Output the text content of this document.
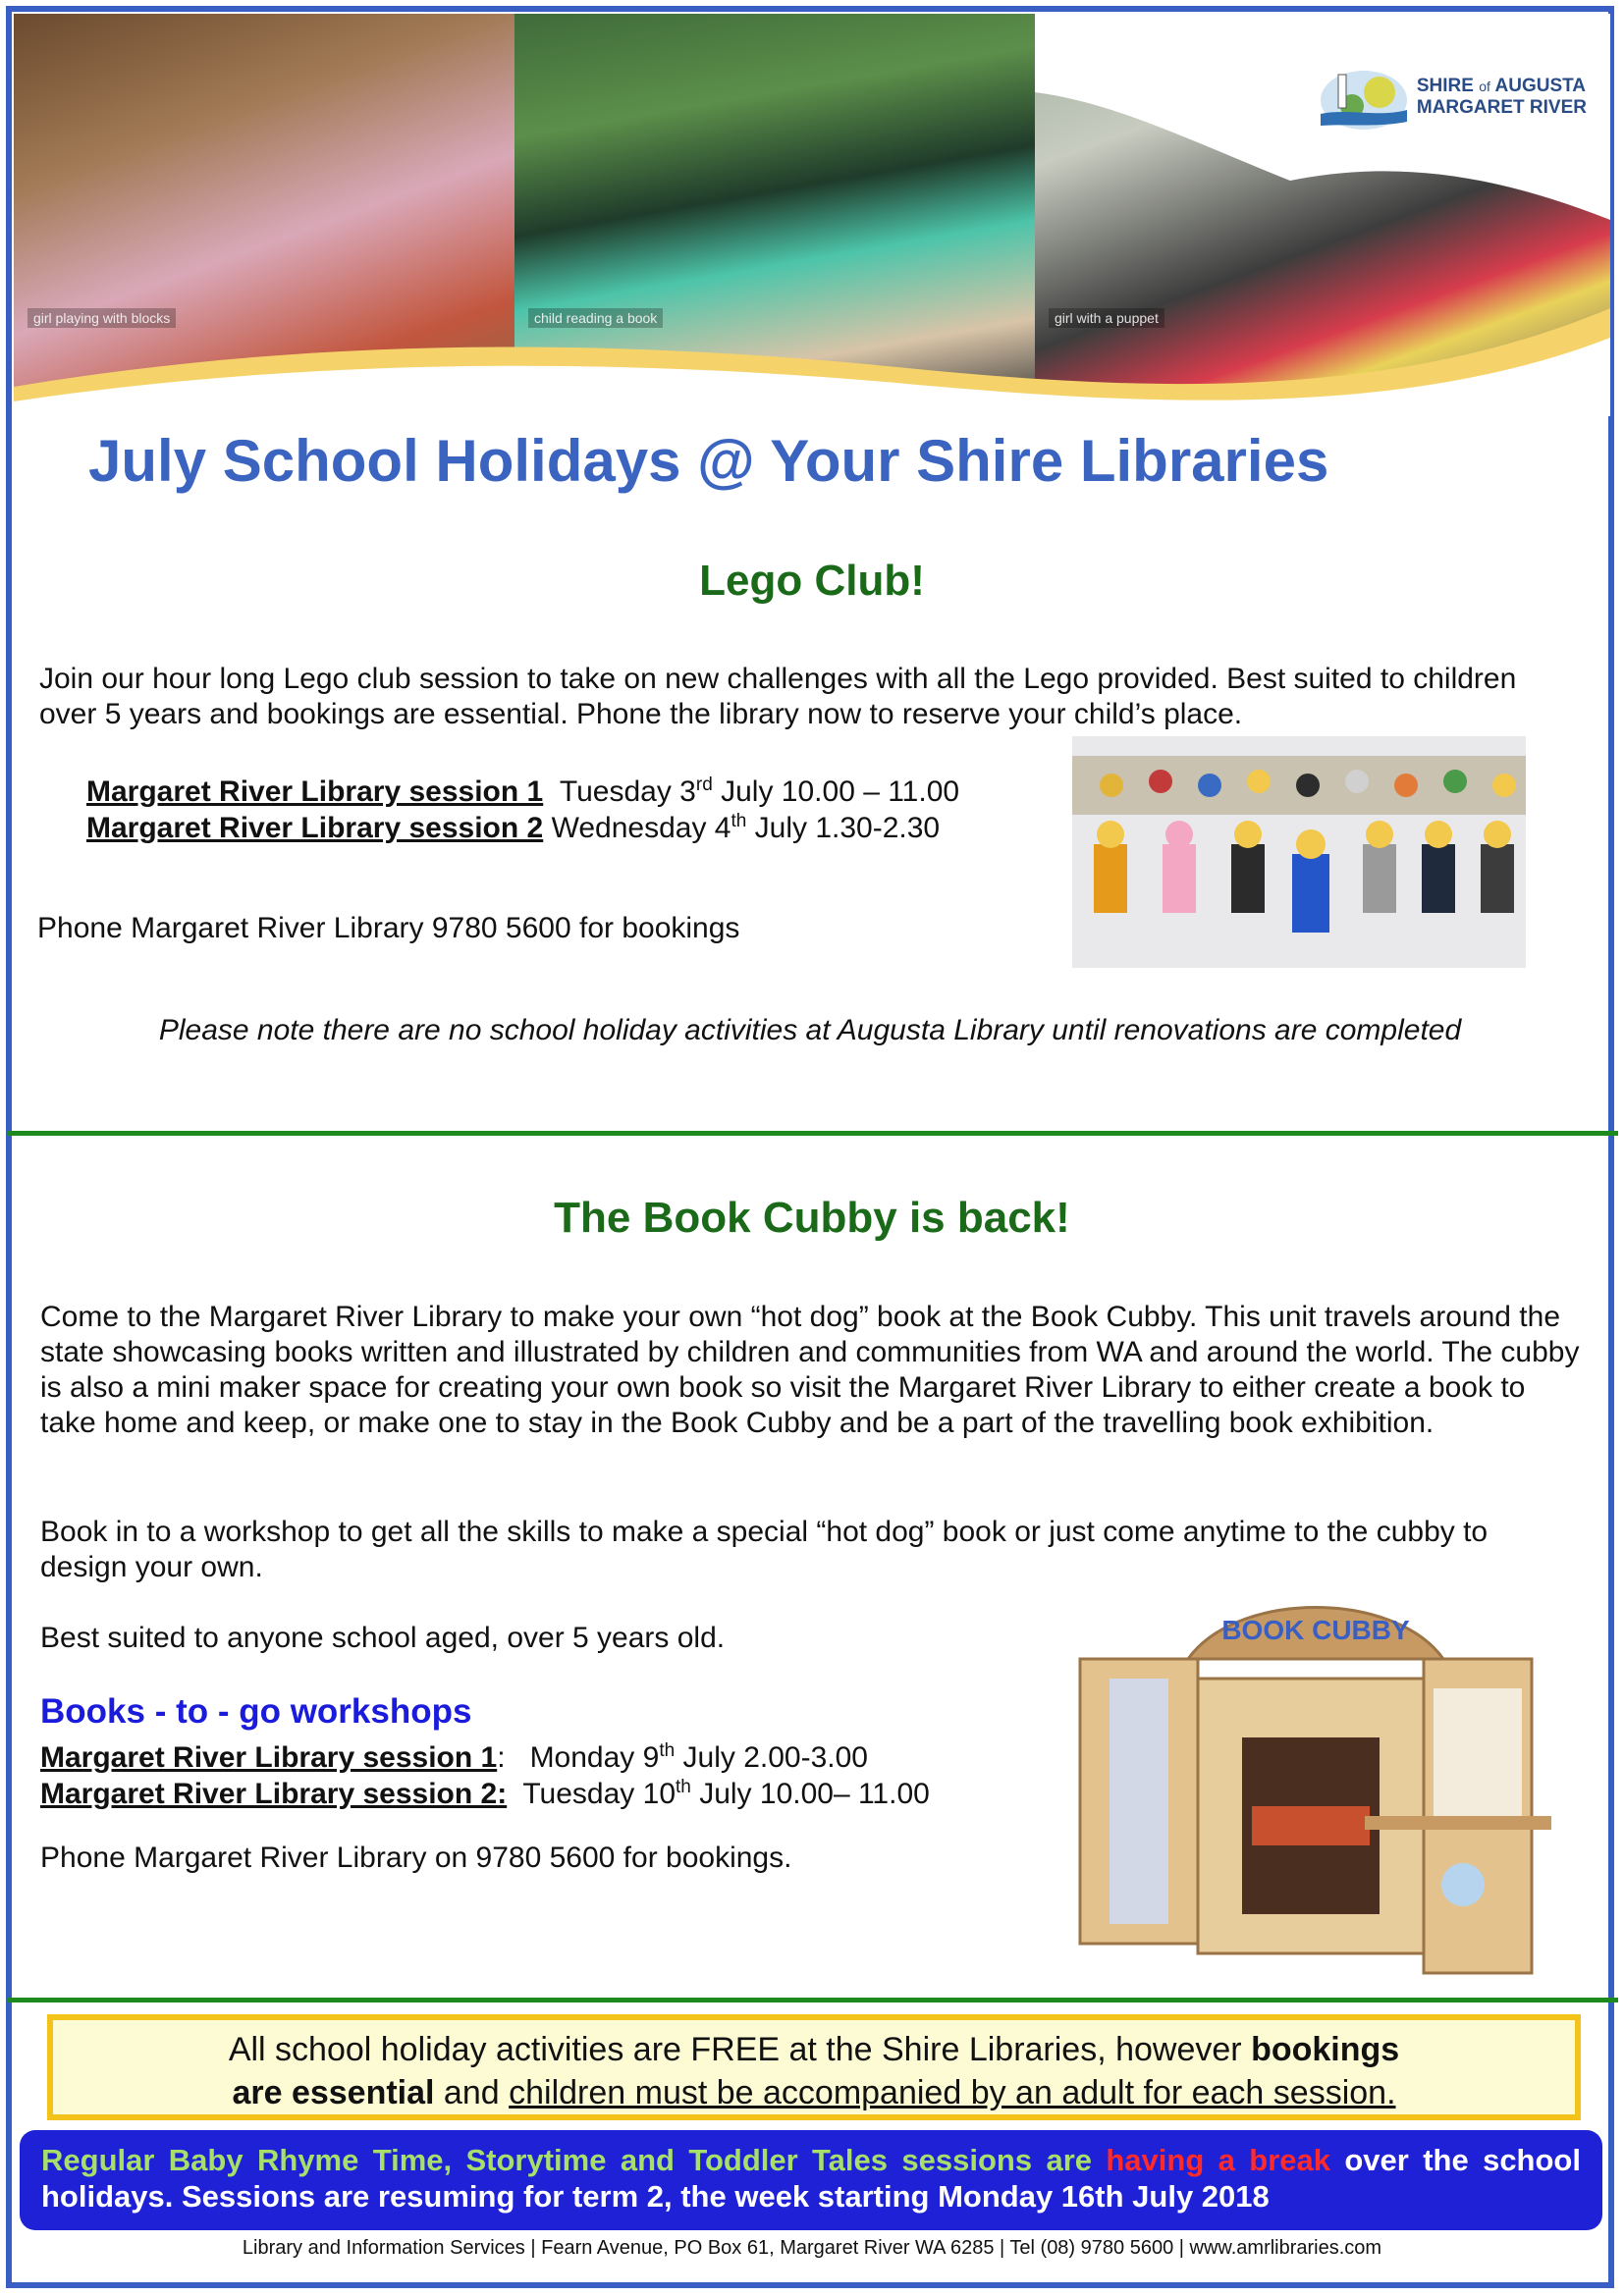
girl playing with blocks	child reading a book	girl with a puppet
SHIRE of AUGUSTA
MARGARET RIVER
July School Holidays @ Your Shire Libraries
Lego Club!

Join our hour long Lego club session to take on new challenges with all the Lego provided. Best suited to children over 5 years and bookings are essential. Phone the library now to reserve your child’s place.

Margaret River Library session 1 Tuesday 3rd July 10.00 – 11.00
Margaret River Library session 2 Wednesday 4th July 1.30-2.30

Phone Margaret River Library 9780 5600 for bookings

Please note there are no school holiday activities at Augusta Library until renovations are completed
The Book Cubby is back!

Come to the Margaret River Library to make your own “hot dog” book at the Book Cubby. This unit travels around the state showcasing books written and illustrated by children and communities from WA and around the world. The cubby is also a mini maker space for creating your own book so visit the Margaret River Library to either create a book to take home and keep, or make one to stay in the Book Cubby and be a part of the travelling book exhibition.

Book in to a workshop to get all the skills to make a special “hot dog” book or just come anytime to the cubby to design your own.

Best suited to anyone school aged, over 5 years old.

Books - to - go workshops
Margaret River Library session 1:   Monday 9th July 2.00-3.00
Margaret River Library session 2: Tuesday 10th July 10.00– 11.00

Phone Margaret River Library on 9780 5600 for bookings.

BOOK CUBBY
All school holiday activities are FREE at the Shire Libraries, however bookings
are essential and children must be accompanied by an adult for each session.
Regular Baby Rhyme Time, Storytime and Toddler Tales sessions are having a break over the school holidays. Sessions are resuming for term 2, the week starting Monday 16th July 2018
Library and Information Services | Fearn Avenue, PO Box 61, Margaret River WA 6285 | Tel (08) 9780 5600 | www.amrlibraries.com
